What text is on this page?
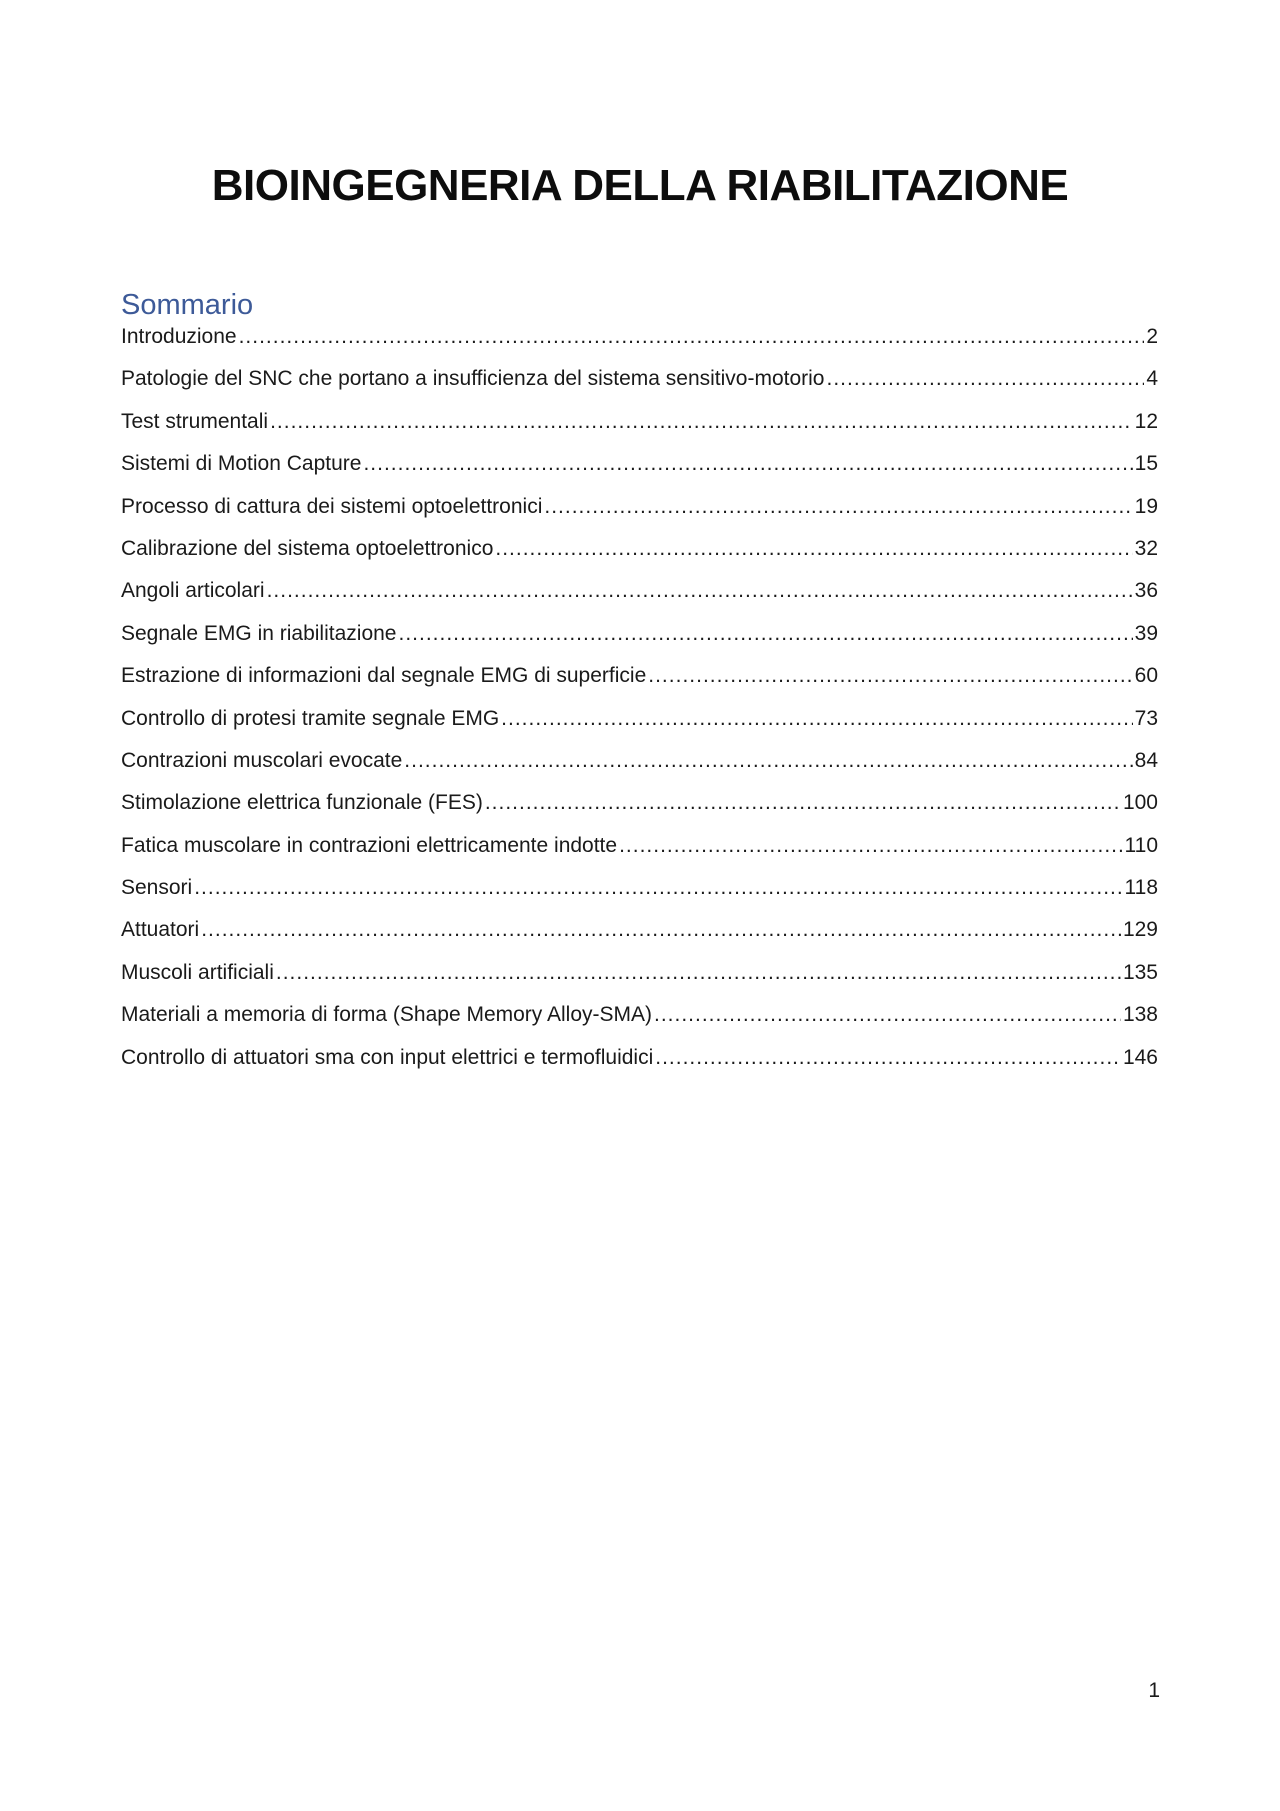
BIOINGEGNERIA DELLA RIABILITAZIONE
Sommario
Introduzione .....	2
Patologie del SNC che portano a insufficienza del sistema sensitivo-motorio .....	4
Test strumentali .....	12
Sistemi di Motion Capture .....	15
Processo di cattura dei sistemi optoelettronici .....	19
Calibrazione del sistema optoelettronico .....	32
Angoli articolari .....	36
Segnale EMG in riabilitazione .....	39
Estrazione di informazioni dal segnale EMG di superficie .....	60
Controllo di protesi tramite segnale EMG .....	73
Contrazioni muscolari evocate .....	84
Stimolazione elettrica funzionale (FES) .....	100
Fatica muscolare in contrazioni elettricamente indotte .....	110
Sensori .....	118
Attuatori .....	129
Muscoli artificiali .....	135
Materiali a memoria di forma (Shape Memory Alloy-SMA) .....	138
Controllo di attuatori sma con input elettrici e termofluidici .....	146
1
